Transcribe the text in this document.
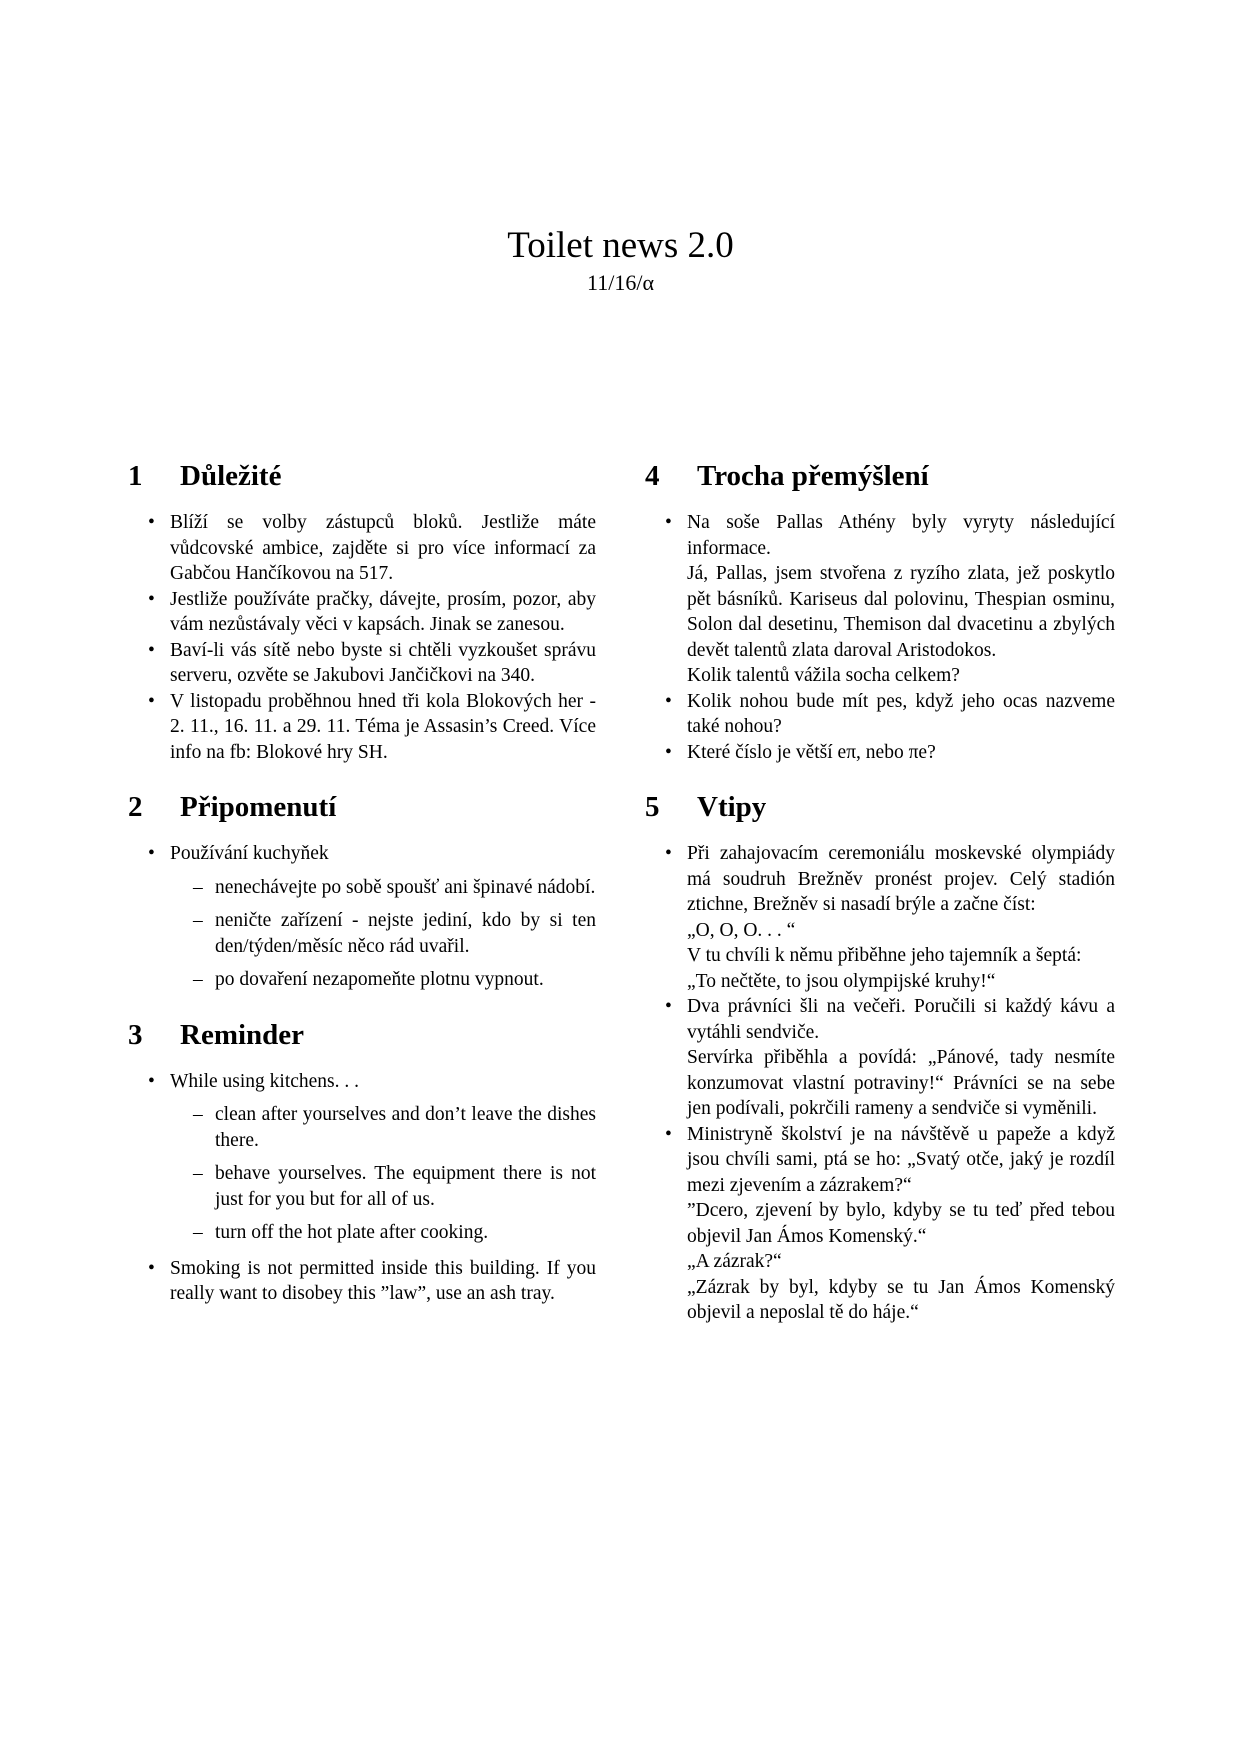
Toilet news 2.0
11/16/α
1	Důležité
• Blíží se volby zástupců bloků. Jestliže máte vůdcovské ambice, zajděte si pro více informací za Gabčou Hančíkovou na 517.
• Jestliže používáte pračky, dávejte, prosím, pozor, aby vám nezůstávaly věci v kapsách. Jinak se zanesou.
• Baví-li vás sítě nebo byste si chtěli vyzkoušet správu serveru, ozvěte se Jakubovi Jančičkovi na 340.
• V listopadu proběhnou hned tři kola Blokových her - 2. 11., 16. 11. a 29. 11. Téma je Assasin’s Creed. Více info na fb: Blokové hry SH.
2	Připomenutí
• Používání kuchyňek
– nenechávejte po sobě spoušť ani špinavé nádobí.
– neničte zařízení - nejste jediní, kdo by si ten den/týden/měsíc něco rád uvařil.
– po dovaření nezapomeňte plotnu vypnout.
3	Reminder
• While using kitchens. . .
– clean after yourselves and don’t leave the dishes there.
– behave yourselves. The equipment there is not just for you but for all of us.
– turn off the hot plate after cooking.
• Smoking is not permitted inside this building. If you really want to disobey this ”law”, use an ash tray.
4	Trocha přemýšlení

• Na soše Pallas Athény byly vyryty následující informace.

Já, Pallas, jsem stvořena z ryzího zlata, jež poskytlo pět básníků. Kariseus dal polovinu, Thespian osminu, Solon dal desetinu, Themison dal dvacetinu a zbylých devět talentů zlata daroval Aristodokos.

Kolik talentů vážila socha celkem?

• Kolik nohou bude mít pes, když jeho ocas nazveme také nohou?
• Které číslo je větší eπ, nebo πe?
5	Vtipy

• Při zahajovacím ceremoniálu moskevské olympiády má soudruh Brežněv pronést projev. Celý stadión ztichne, Brežněv si nasadí brýle a začne číst:

„O, O, O. . . “

V tu chvíli k němu přiběhne jeho tajemník a šeptá:

„To nečtěte, to jsou olympijské kruhy!“

• Dva právníci šli na večeři. Poručili si každý kávu a vytáhli sendviče.

Servírka přiběhla a povídá: „Pánové, tady nesmíte konzumovat vlastní potraviny!“ Právníci se na sebe jen podívali, pokrčili rameny a sendviče si vyměnili.

• Ministryně školství je na návštěvě u papeže a když jsou chvíli sami, ptá se ho: „Svatý otče, jaký je rozdíl mezi zjevením a zázrakem?“

”Dcero, zjevení by bylo, kdyby se tu teď před tebou objevil Jan Ámos Komenský.“

„A zázrak?“

„Zázrak by byl, kdyby se tu Jan Ámos Komenský objevil a neposlal tě do háje.“
